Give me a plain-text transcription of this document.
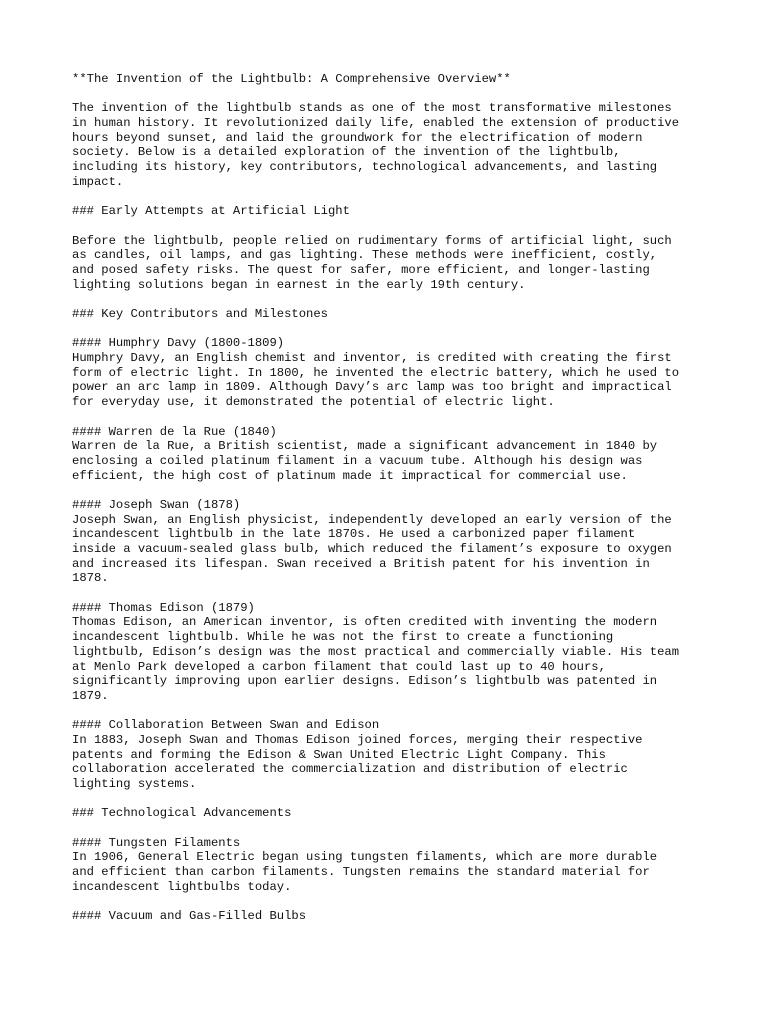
**The Invention of the Lightbulb: A Comprehensive Overview**
The invention of the lightbulb stands as one of the most transformative milestones
in human history. It revolutionized daily life, enabled the extension of productive
hours beyond sunset, and laid the groundwork for the electrification of modern
society. Below is a detailed exploration of the invention of the lightbulb,
including its history, key contributors, technological advancements, and lasting
impact.
### Early Attempts at Artificial Light
Before the lightbulb, people relied on rudimentary forms of artificial light, such
as candles, oil lamps, and gas lighting. These methods were inefficient, costly,
and posed safety risks. The quest for safer, more efficient, and longer-lasting
lighting solutions began in earnest in the early 19th century.
### Key Contributors and Milestones
#### Humphry Davy (1800-1809)
Humphry Davy, an English chemist and inventor, is credited with creating the first
form of electric light. In 1800, he invented the electric battery, which he used to
power an arc lamp in 1809. Although Davy’s arc lamp was too bright and impractical
for everyday use, it demonstrated the potential of electric light.
#### Warren de la Rue (1840)
Warren de la Rue, a British scientist, made a significant advancement in 1840 by
enclosing a coiled platinum filament in a vacuum tube. Although his design was
efficient, the high cost of platinum made it impractical for commercial use.
#### Joseph Swan (1878)
Joseph Swan, an English physicist, independently developed an early version of the
incandescent lightbulb in the late 1870s. He used a carbonized paper filament
inside a vacuum-sealed glass bulb, which reduced the filament’s exposure to oxygen
and increased its lifespan. Swan received a British patent for his invention in
1878.
#### Thomas Edison (1879)
Thomas Edison, an American inventor, is often credited with inventing the modern
incandescent lightbulb. While he was not the first to create a functioning
lightbulb, Edison’s design was the most practical and commercially viable. His team
at Menlo Park developed a carbon filament that could last up to 40 hours,
significantly improving upon earlier designs. Edison’s lightbulb was patented in
1879.
#### Collaboration Between Swan and Edison
In 1883, Joseph Swan and Thomas Edison joined forces, merging their respective
patents and forming the Edison & Swan United Electric Light Company. This
collaboration accelerated the commercialization and distribution of electric
lighting systems.
### Technological Advancements
#### Tungsten Filaments
In 1906, General Electric began using tungsten filaments, which are more durable
and efficient than carbon filaments. Tungsten remains the standard material for
incandescent lightbulbs today.
#### Vacuum and Gas-Filled Bulbs
